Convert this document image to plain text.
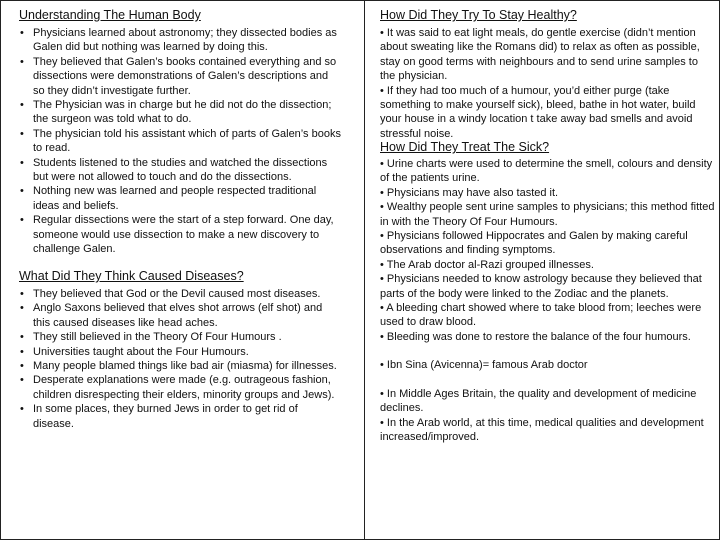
Understanding The Human Body
• Physicians learned about astronomy; they dissected bodies as Galen did but nothing was learned by doing this.
• They believed that Galen’s books contained everything and so dissections were demonstrations of Galen’s descriptions and so they didn’t investigate further.
• The Physician was in charge but he did not do the dissection; the surgeon was told what to do.
• The physician told his assistant which of parts of Galen’s books to read.
• Students listened to the studies and watched the dissections but were not allowed to touch and do the dissections.
• Nothing new was learned and people respected traditional ideas and beliefs.
• Regular dissections were the start of a step forward. One day, someone would use dissection to make a new discovery to challenge Galen.
What Did They Think Caused Diseases?
• They believed that God or the Devil caused most diseases.
• Anglo Saxons believed that elves shot arrows (elf shot) and this caused diseases like head aches.
• They still believed in the Theory Of Four Humours .
• Universities taught about the Four Humours.
• Many people blamed things like bad air (miasma) for illnesses.
• Desperate explanations were made (e.g. outrageous fashion, children disrespecting their elders, minority groups and Jews).
• In some places, they burned Jews in order to get rid of disease.
How Did They Try To Stay Healthy?

• It was said to eat light meals, do gentle exercise (didn’t mention about sweating like the Romans did) to relax as often as possible, stay on good terms with neighbours and to send urine samples to the physician.

• If they had too much of a humour, you’d either purge (take something to make yourself sick), bleed, bathe in hot water, build your house in a windy location t take away bad smells and avoid stressful noise.

How Did They Treat The Sick?

• Urine charts were used to determine the smell, colours and density of the patients urine.

• Physicians may have also tasted it.

• Wealthy people sent urine samples to physicians; this method fitted in with the Theory Of Four Humours.

• Physicians followed Hippocrates and Galen by making careful observations and finding symptoms.

• The Arab doctor al-Razi grouped illnesses.

• Physicians needed to know astrology because they believed that parts of the body were linked to the Zodiac and the planets.

• A bleeding chart showed where to take blood from; leeches were used to draw blood.

• Bleeding was done to restore the balance of the four humours.

• Ibn Sina (Avicenna)= famous Arab doctor

• In Middle Ages Britain, the quality and development of medicine declines.

• In the Arab world, at this time, medical qualities and development increased/improved.
